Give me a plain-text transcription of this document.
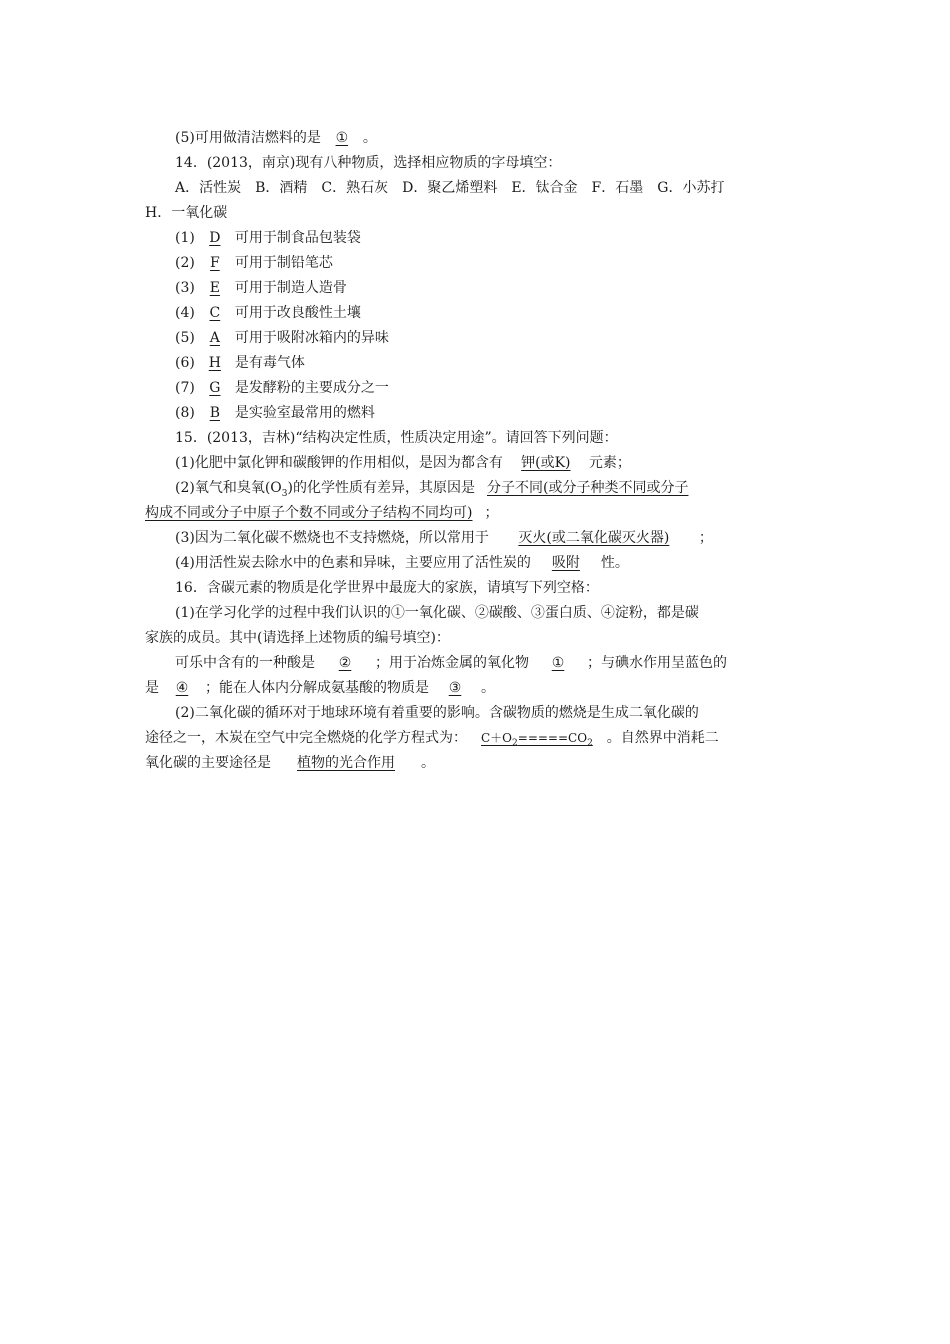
(5)可用做清洁燃料的是 ① 。
14．(2013，南京)现有八种物质，选择相应物质的字母填空：
A．活性炭　B．酒精　C．熟石灰　D．聚乙烯塑料　E．钛合金　F．石墨　G．小苏打
H．一氧化碳
(1) D 可用于制食品包装袋
(2) F 可用于制铅笔芯
(3) E 可用于制造人造骨
(4) C 可用于改良酸性土壤
(5) A 可用于吸附冰箱内的异味
(6) H 是有毒气体
(7) G 是发酵粉的主要成分之一
(8) B 是实验室最常用的燃料
15．(2013，吉林)“结构决定性质，性质决定用途”。请回答下列问题：
(1)化肥中氯化钾和碳酸钾的作用相似，是因为都含有 钾(或K) 元素；
(2)氧气和臭氧$(O_3)$的化学性质有差异，其原因是 分子不同(或分子种类不同或分子
构成不同或分子中原子个数不同或分子结构不同均可) ；
(3)因为二氧化碳不燃烧也不支持燃烧，所以常用于 灭火(或二氧化碳灭火器) ；
(4)用活性炭去除水中的色素和异味，主要应用了活性炭的 吸附 性。
16．含碳元素的物质是化学世界中最庞大的家族，请填写下列空格：
(1)在学习化学的过程中我们认识的①一氧化碳、②碳酸、③蛋白质、④淀粉，都是碳
家族的成员。其中(请选择上述物质的编号填空)：
可乐中含有的一种酸是 ② ；用于冶炼金属的氧化物 ① ；与碘水作用呈蓝色的
是 ④ ；能在人体内分解成氨基酸的物质是 ③ 。
(2)二氧化碳的循环对于地球环境有着重要的影响。含碳物质的燃烧是生成二氧化碳的
途径之一，木炭在空气中完全燃烧的化学方程式为： $C+O_2=====CO_2$ 。自然界中消耗二
氧化碳的主要途径是 植物的光合作用 。
